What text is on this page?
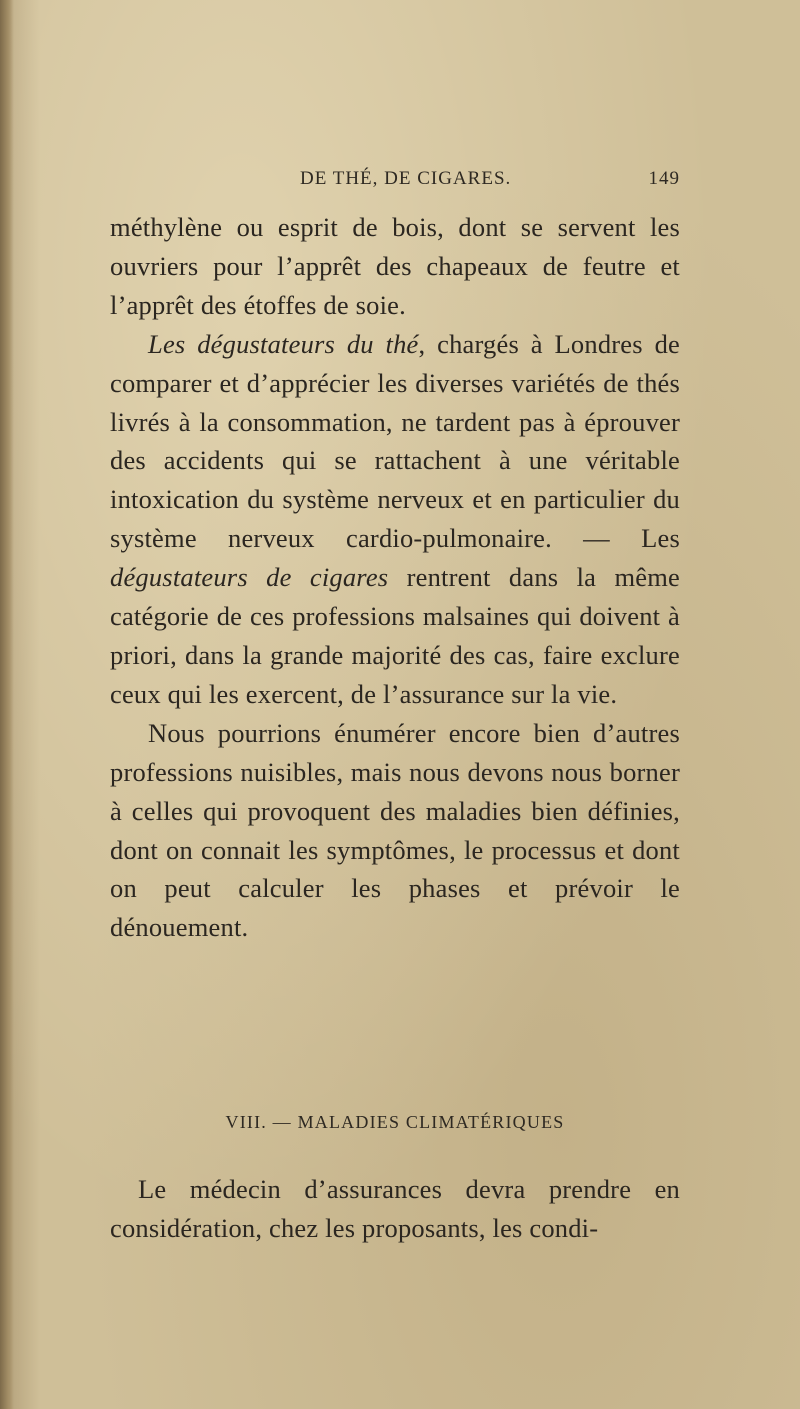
DE THÉ, DE CIGARES.	149

méthylène ou esprit de bois, dont se servent les ouvriers pour l’apprêt des chapeaux de feutre et l’apprêt des étoffes de soie.

Les dégustateurs du thé, chargés à Londres de comparer et d’apprécier les diverses variétés de thés livrés à la consommation, ne tardent pas à éprouver des accidents qui se rattachent à une véritable intoxication du système nerveux et en particulier du système nerveux cardio-pulmonaire. — Les dégustateurs de cigares rentrent dans la même catégorie de ces professions malsaines qui doivent à priori, dans la grande majorité des cas, faire exclure ceux qui les exercent, de l’assurance sur la vie.

Nous pourrions énumérer encore bien d’autres professions nuisibles, mais nous devons nous borner à celles qui provoquent des maladies bien définies, dont on connait les symptômes, le processus et dont on peut calculer les phases et prévoir le dénouement.

VIII. — MALADIES CLIMATÉRIQUES

Le médecin d’assurances devra prendre en considération, chez les proposants, les condi-
